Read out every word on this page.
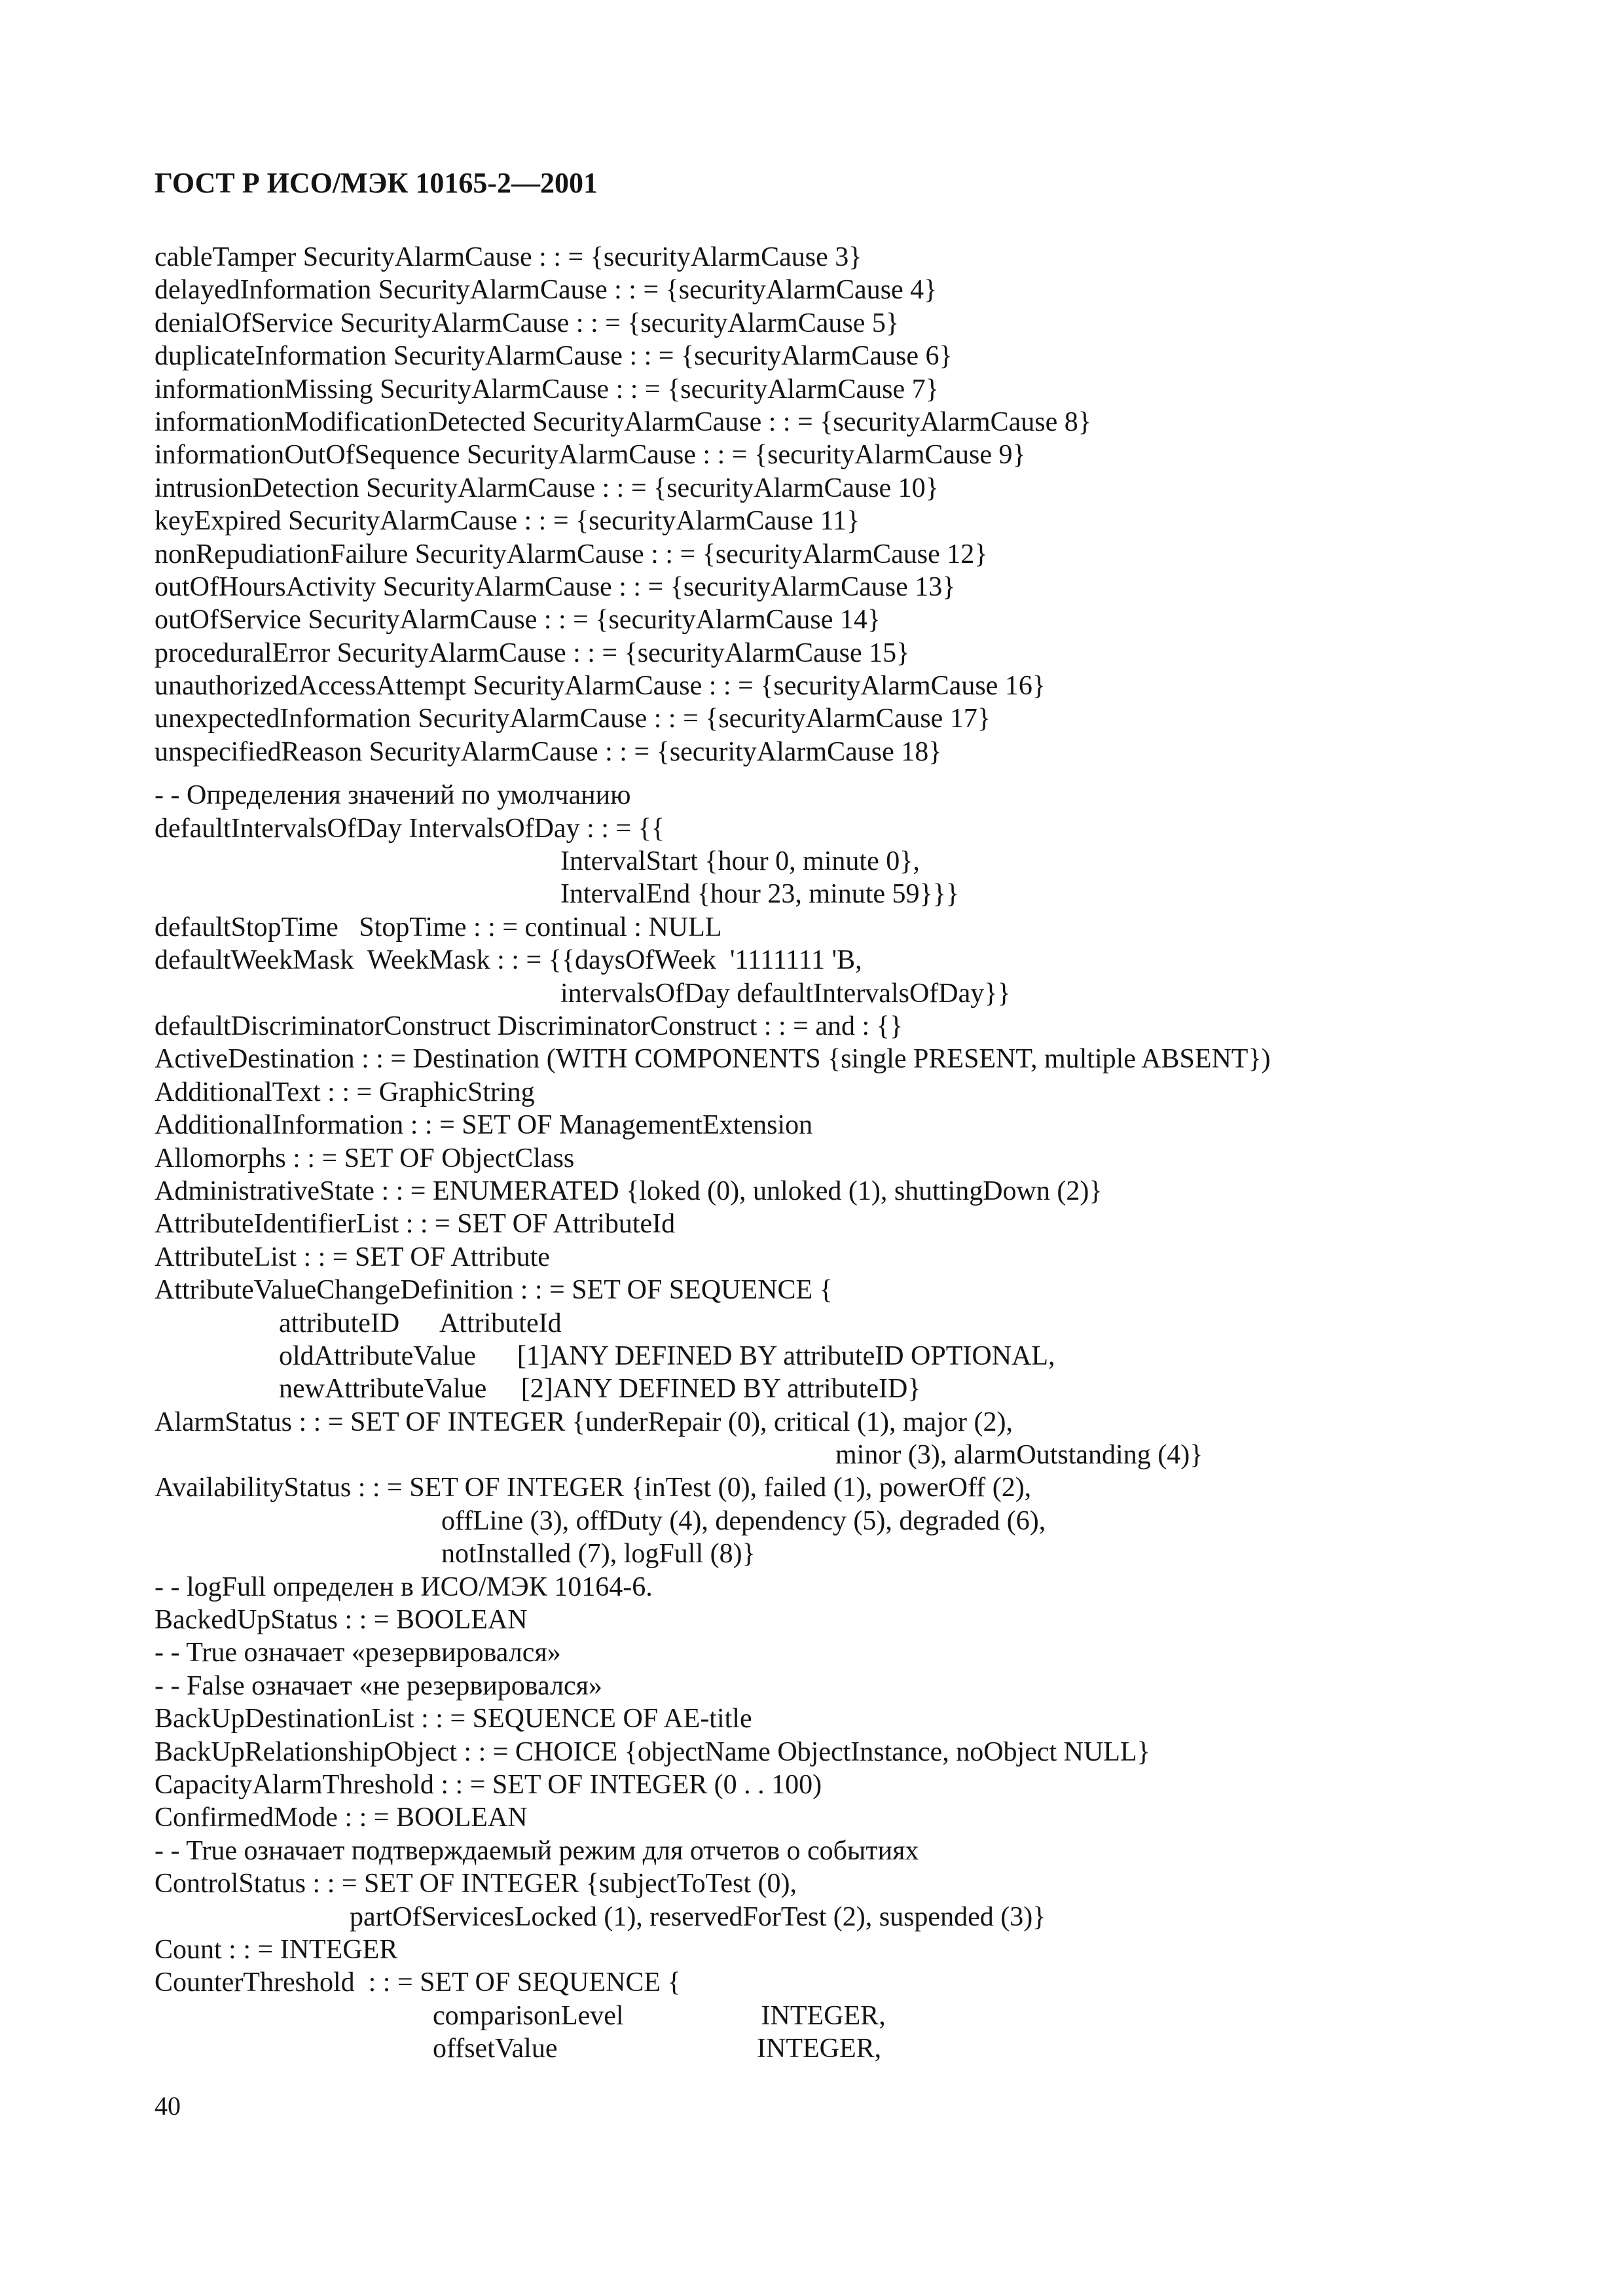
ГОСТ Р ИСО/МЭК 10165-2—2001
cableTamper SecurityAlarmCause : : = {securityAlarmCause 3}
delayedInformation SecurityAlarmCause : : = {securityAlarmCause 4}
denialOfService SecurityAlarmCause : : = {securityAlarmCause 5}
duplicateInformation SecurityAlarmCause : : = {securityAlarmCause 6}
informationMissing SecurityAlarmCause : : = {securityAlarmCause 7}
informationModificationDetected SecurityAlarmCause : : = {securityAlarmCause 8}
informationOutOfSequence SecurityAlarmCause : : = {securityAlarmCause 9}
intrusionDetection SecurityAlarmCause : : = {securityAlarmCause 10}
keyExpired SecurityAlarmCause : : = {securityAlarmCause 11}
nonRepudiationFailure SecurityAlarmCause : : = {securityAlarmCause 12}
outOfHoursActivity SecurityAlarmCause : : = {securityAlarmCause 13}
outOfService SecurityAlarmCause : : = {securityAlarmCause 14}
proceduralError SecurityAlarmCause : : = {securityAlarmCause 15}
unauthorizedAccessAttempt SecurityAlarmCause : : = {securityAlarmCause 16}
unexpectedInformation SecurityAlarmCause : : = {securityAlarmCause 17}
unspecifiedReason SecurityAlarmCause : : = {securityAlarmCause 18}
- - Определения значений по умолчанию
defaultIntervalsOfDay IntervalsOfDay : : = {{
IntervalStart {hour 0, minute 0},
IntervalEnd {hour 23, minute 59}}}
defaultStopTime   StopTime : : = continual : NULL
defaultWeekMask  WeekMask : : = {{daysOfWeek  '1111111 'B,
intervalsOfDay defaultIntervalsOfDay}}
defaultDiscriminatorConstruct DiscriminatorConstruct : : = and : {}
ActiveDestination : : = Destination (WITH COMPONENTS {single PRESENT, multiple ABSENT})
AdditionalText : : = GraphicString
AdditionalInformation : : = SET OF ManagementExtension
Allomorphs : : = SET OF ObjectClass
AdministrativeState : : = ENUMERATED {loked (0), unloked (1), shuttingDown (2)}
AttributeIdentifierList : : = SET OF AttributeId
AttributeList : : = SET OF Attribute
AttributeValueChangeDefinition : : = SET OF SEQUENCE {
attributeID      AttributeId
oldAttributeValue      [1]ANY DEFINED BY attributeID OPTIONAL,
newAttributeValue     [2]ANY DEFINED BY attributeID}
AlarmStatus : : = SET OF INTEGER {underRepair (0), critical (1), major (2),
minor (3), alarmOutstanding (4)}
AvailabilityStatus : : = SET OF INTEGER {inTest (0), failed (1), powerOff (2),
offLine (3), offDuty (4), dependency (5), degraded (6),
notInstalled (7), logFull (8)}
- - logFull определен в ИСО/МЭК 10164-6.
BackedUpStatus : : = BOOLEAN
- - True означает «резервировался»
- - False означает «не резервировался»
BackUpDestinationList : : = SEQUENCE OF AE-title
BackUpRelationshipObject : : = CHOICE {objectName ObjectInstance, noObject NULL}
CapacityAlarmThreshold : : = SET OF INTEGER (0 . . 100)
ConfirmedMode : : = BOOLEAN
- - True означает подтверждаемый режим для отчетов о событиях
ControlStatus : : = SET OF INTEGER {subjectToTest (0),
partOfServicesLocked (1), reservedForTest (2), suspended (3)}
Count : : = INTEGER
CounterThreshold  : : = SET OF SEQUENCE {
comparisonLevel                    INTEGER,
offsetValue                             INTEGER,
40
